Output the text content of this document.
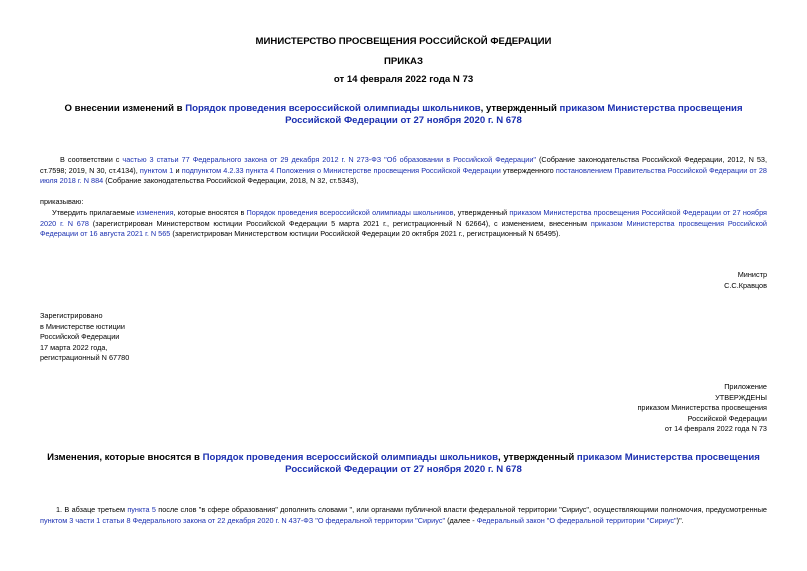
МИНИСТЕРСТВО ПРОСВЕЩЕНИЯ РОССИЙСКОЙ ФЕДЕРАЦИИ
ПРИКАЗ
от 14 февраля 2022 года N 73
О внесении изменений в Порядок проведения всероссийской олимпиады школьников, утвержденный приказом Министерства просвещения Российской Федерации от 27 ноября 2020 г. N 678
В соответствии с частью 3 статьи 77 Федерального закона от 29 декабря 2012 г. N 273-ФЗ "Об образовании в Российской Федерации" (Собрание законодательства Российской Федерации, 2012, N 53, ст.7598; 2019, N 30, ст.4134), пунктом 1 и подпунктом 4.2.33 пункта 4 Положения о Министерстве просвещения Российской Федерации утвержденного постановлением Правительства Российской Федерации от 28 июля 2018 г. N 884 (Собрание законодательства Российской Федерации, 2018, N 32, ст.5343),
приказываю:
Утвердить прилагаемые изменения, которые вносятся в Порядок проведения всероссийской олимпиады школьников, утвержденный приказом Министерства просвещения Российской Федерации от 27 ноября 2020 г. N 678 (зарегистрирован Министерством юстиции Российской Федерации 5 марта 2021 г., регистрационный N 62664), с изменением, внесенным приказом Министерства просвещения Российской Федерации от 16 августа 2021 г. N 565 (зарегистрирован Министерством юстиции Российской Федерации 20 октября 2021 г., регистрационный N 65495).
Министр
С.С.Кравцов
Зарегистрировано
в Министерстве юстиции
Российской Федерации
17 марта 2022 года,
регистрационный N 67780
Приложение
УТВЕРЖДЕНЫ
приказом Министерства просвещения
Российской Федерации
от 14 февраля 2022 года N 73
Изменения, которые вносятся в Порядок проведения всероссийской олимпиады школьников, утвержденный приказом Министерства просвещения Российской Федерации от 27 ноября 2020 г. N 678
1. В абзаце третьем пункта 5 после слов "в сфере образования" дополнить словами ", или органами публичной власти федеральной территории "Сириус", осуществляющими полномочия, предусмотренные пунктом 3 части 1 статьи 8 Федерального закона от 22 декабря 2020 г. N 437-ФЗ "О федеральной территории "Сириус" (далее - Федеральный закон "О федеральной территории "Сириус")".
